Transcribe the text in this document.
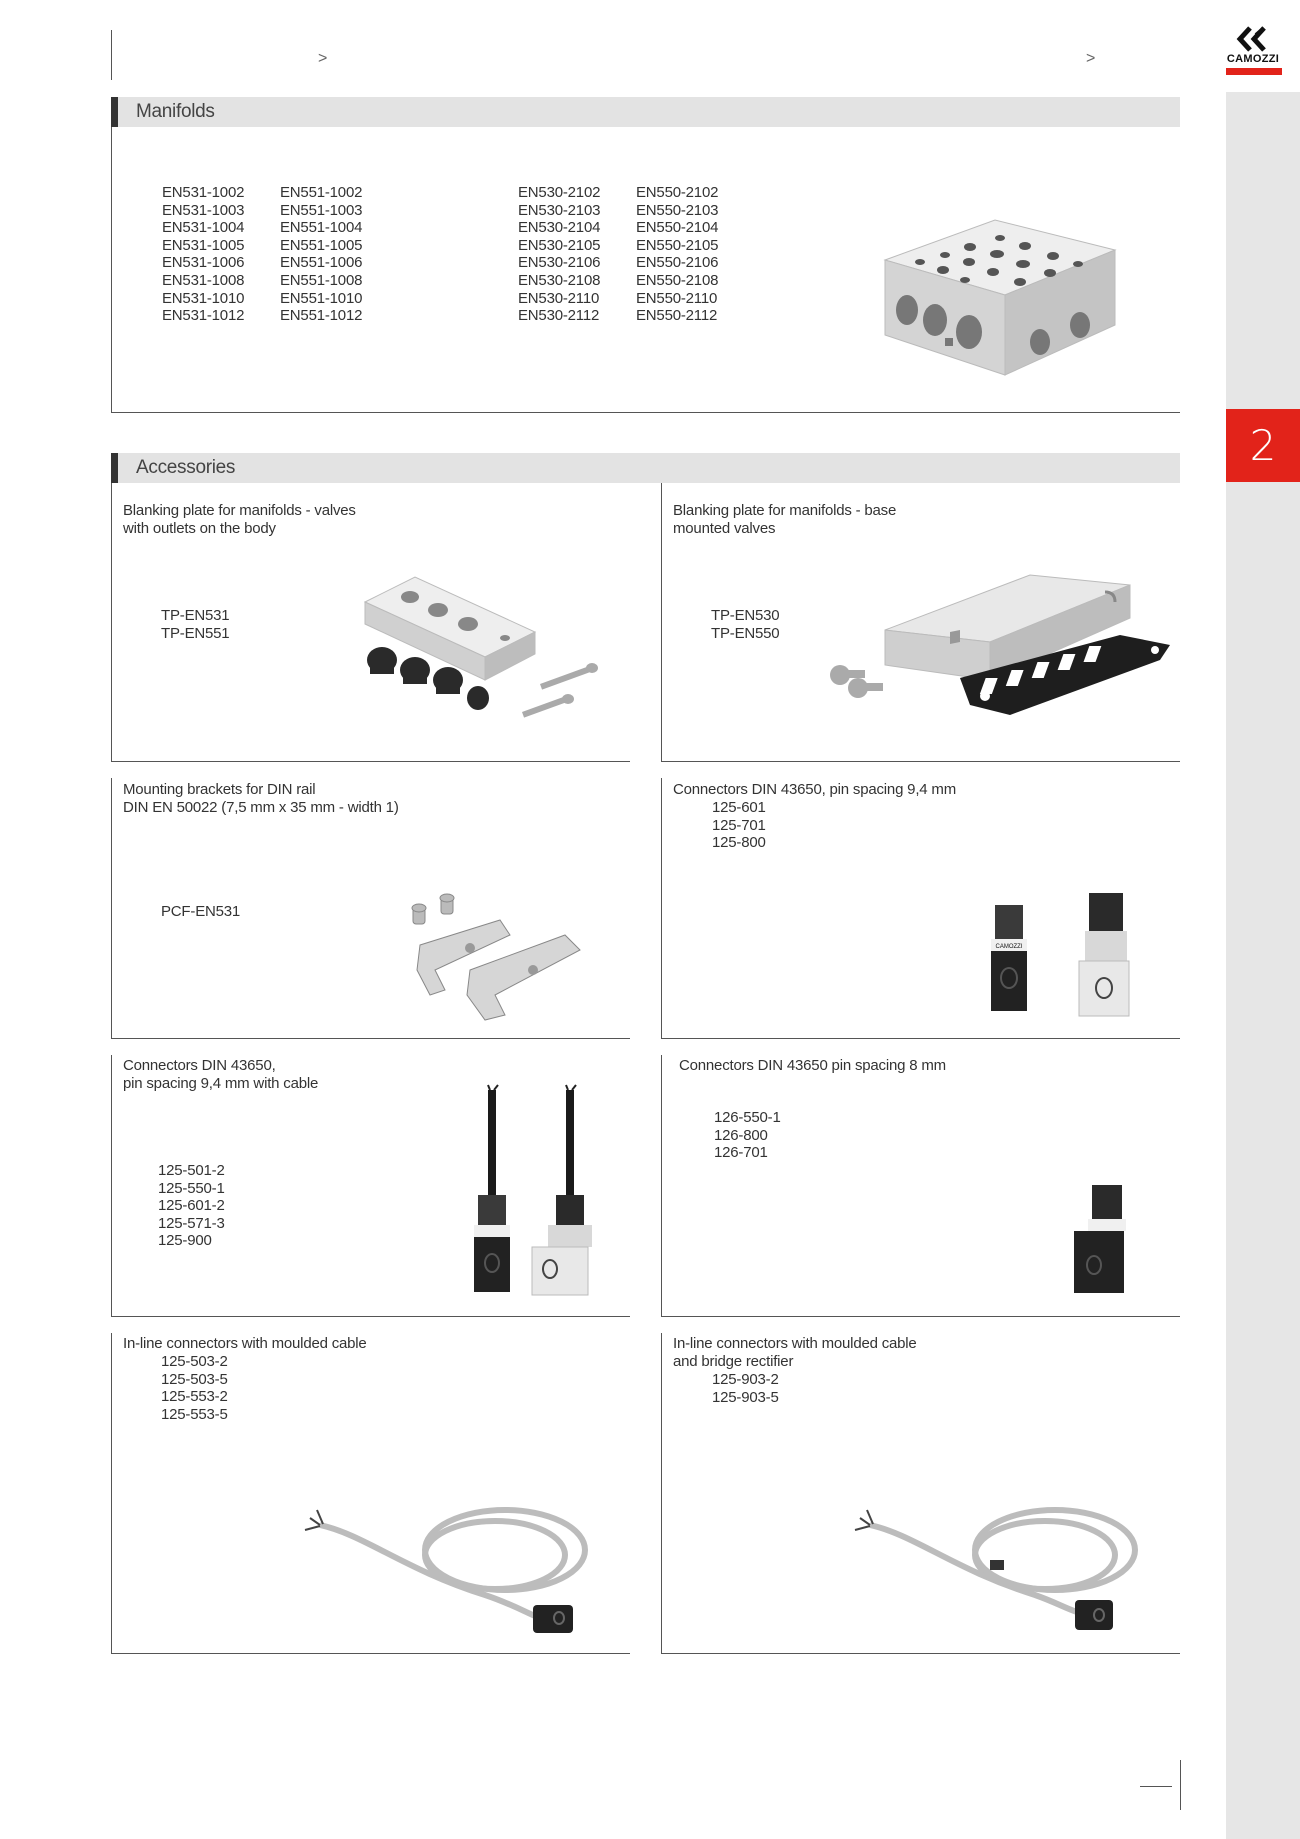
>	>	CAMOZZI
2
Manifolds
EN531-1002
EN531-1003
EN531-1004
EN531-1005
EN531-1006
EN531-1008
EN531-1010
EN531-1012
EN551-1002
EN551-1003
EN551-1004
EN551-1005
EN551-1006
EN551-1008
EN551-1010
EN551-1012
EN530-2102
EN530-2103
EN530-2104
EN530-2105
EN530-2106
EN530-2108
EN530-2110
EN530-2112
EN550-2102
EN550-2103
EN550-2104
EN550-2105
EN550-2106
EN550-2108
EN550-2110
EN550-2112
Accessories
Blanking plate for manifolds - valves
with outlets on the body
TP-EN531
TP-EN551
Blanking plate for manifolds - base
mounted valves
TP-EN530
TP-EN550
Mounting brackets for DIN rail
DIN EN 50022 (7,5 mm x 35 mm - width 1)
PCF-EN531
Connectors DIN 43650, pin spacing 9,4 mm
125-601
125-701
125-800
CAMOZZI
Connectors DIN 43650,
pin spacing 9,4 mm with cable
125-501-2
125-550-1
125-601-2
125-571-3
125-900
Connectors DIN 43650 pin spacing 8 mm
126-550-1
126-800
126-701
In-line connectors with moulded cable
125-503-2
125-503-5
125-553-2
125-553-5
In-line connectors with moulded cable
and bridge rectifier
125-903-2
125-903-5
